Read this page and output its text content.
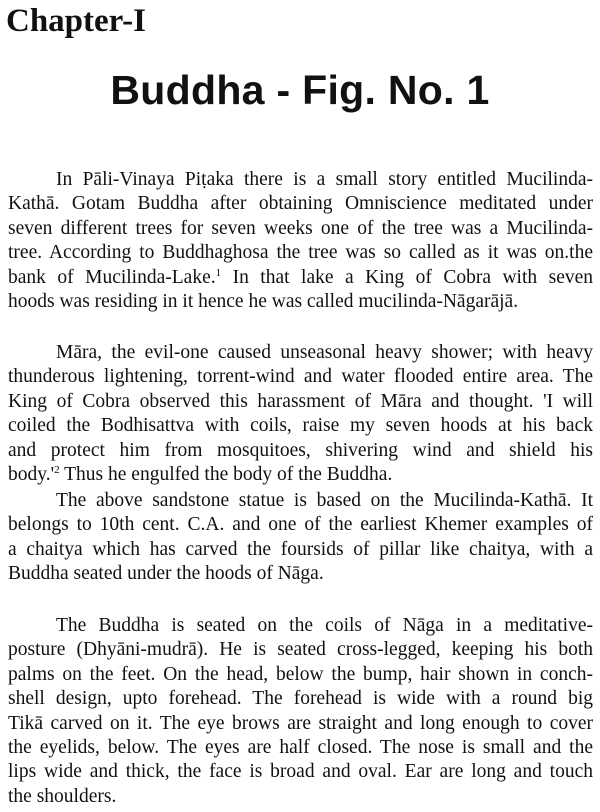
Chapter-I
Buddha - Fig. No. 1
In Pāli-Vinaya Piṭaka there is a small story entitled Mucilinda-
Kathā. Gotam Buddha after obtaining Omniscience meditated under
seven different trees for seven weeks one of the tree was a Mucilinda-
tree. According to Buddhaghosa the tree was so called as it was on.the
bank of Mucilinda-Lake.$^1$ In that lake a King of Cobra with seven
hoods was residing in it hence he was called mucilinda-Nāgarājā.
Māra, the evil-one caused unseasonal heavy shower; with heavy
thunderous lightening, torrent-wind and water flooded entire area. The
King of Cobra observed this harassment of Māra and thought. 'I will
coiled the Bodhisattva with coils, raise my seven hoods at his back
and protect him from mosquitoes, shivering wind and shield his
$body.'^2$ Thus he engulfed the body of the Buddha.
The above sandstone statue is based on the Mucilinda-Kathā. It
belongs to 10th cent. C.A. and one of the earliest Khemer examples of
a chaitya which has carved the foursids of pillar like chaitya, with a
Buddha seated under the hoods of Nāga.
The Buddha is seated on the coils of Nāga in a meditative-
posture (Dhyāni-mudrā). He is seated cross-legged, keeping his both
palms on the feet. On the head, below the bump, hair shown in conch-
shell design, upto forehead. The forehead is wide with a round big
Tikā carved on it. The eye brows are straight and long enough to cover
the eyelids, below. The eyes are half closed. The nose is small and the
lips wide and thick, the face is broad and oval. Ear are long and touch
the shoulders.
